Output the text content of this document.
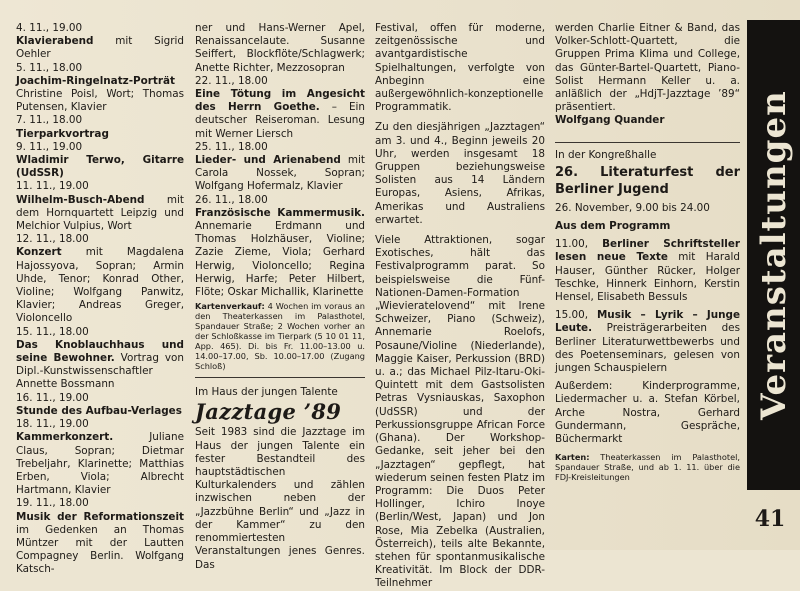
4. 11., 19.00
Klavierabend mit Sigrid Oehler
5. 11., 18.00
Joachim-Ringelnatz-Porträt Christine Poisl, Wort; Thomas Putensen, Klavier
7. 11., 18.00
Tierparkvortrag
9. 11., 19.00
Wladimir Terwo, Gitarre (UdSSR)
11. 11., 19.00
Wilhelm-Busch-Abend mit dem Hornquartett Leipzig und Melchior Vulpius, Wort
12. 11., 18.00
Konzert mit Magdalena Hajossyova, Sopran; Armin Uhde, Tenor; Konrad Other, Violine; Wolfgang Panwitz, Klavier; Andreas Greger, Violoncello
15. 11., 18.00
Das Knoblauchhaus und seine Bewohner. Vortrag von Dipl.-Kunstwissenschaftler Annette Bossmann
16. 11., 19.00
Stunde des Aufbau-Verlages
18. 11., 19.00
Kammerkonzert. Juliane Claus, Sopran; Dietmar Trebeljahr, Klarinette; Matthias Erben, Viola; Albrecht Hartmann, Klavier
19. 11., 18.00
Musik der Reformationszeit im Gedenken an Thomas Müntzer mit der Lautten Compagney Berlin. Wolfgang Katsch-
ner und Hans-Werner Apel, Renaissancelaute. Susanne Seiffert, Blockflöte/Schlagwerk; Anette Richter, Mezzosopran
22. 11., 18.00
Eine Tötung im Angesicht des Herrn Goethe. – Ein deutscher Reiseroman. Lesung mit Werner Liersch
25. 11., 18.00
Lieder- und Arienabend mit Carola Nossek, Sopran; Wolfgang Hofermalz, Klavier
26. 11., 18.00
Französische Kammermusik. Annemarie Erdmann und Thomas Holzhäuser, Violine; Zazie Zieme, Viola; Gerhard Herwig, Violoncello; Regina Herwig, Harfe; Peter Hilbert, Flöte; Oskar Michallik, Klarinette
Kartenverkauf: 4 Wochen im voraus an den Theaterkassen im Palasthotel, Spandauer Straße; 2 Wochen vorher an der Schloßkasse im Tierpark (5 10 01 11, App. 465). Di. bis Fr. 11.00–13.00 u. 14.00–17.00, Sb. 10.00–17.00 (Zugang Schloß)
Im Haus der jungen Talente
Jazztage ’89
Seit 1983 sind die Jazztage im Haus der jungen Talente ein fester Bestandteil des hauptstädtischen Kulturkalenders und zählen inzwischen neben der „Jazzbühne Berlin“ und „Jazz in der Kammer“ zu den renommiertesten Veranstaltungen jenes Genres. Das
Festival, offen für moderne, zeitgenössische und avantgardistische Spielhaltungen, verfolgte von Anbeginn eine außergewöhnlich-konzeptionelle Programmatik.
Zu den diesjährigen „Jazztagen“ am 3. und 4., Beginn jeweils 20 Uhr, werden insgesamt 18 Gruppen beziehungsweise Solisten aus 14 Ländern Europas, Asiens, Afrikas, Amerikas und Australiens erwartet.
Viele Attraktionen, sogar Exotisches, hält das Festivalprogramm parat. So beispielsweise die Fünf-Nationen-Damen-Formation „Wievieratelovend“ mit Irene Schweizer, Piano (Schweiz), Annemarie Roelofs, Posaune/Violine (Niederlande), Maggie Kaiser, Perkussion (BRD) u. a.; das Michael Pilz-Itaru-Oki-Quintett mit dem Gastsolisten Petras Vysniauskas, Saxophon (UdSSR) und der Perkussionsgruppe African Force (Ghana). Der Workshop-Gedanke, seit jeher bei den „Jazztagen“ gepflegt, hat wiederum seinen festen Platz im Programm: Die Duos Peter Hollinger, Ichiro Inoye (Berlin/West, Japan) und Jon Rose, Mia Zebelka (Australien, Österreich), teils alte Bekannte, stehen für spontanmusikalische Kreativität. Im Block der DDR-Teilnehmer
werden Charlie Eitner & Band, das Volker-Schlott-Quartett, die Gruppen Prima Klima und College, das Günter-Bartel-Quartett, Piano-Solist Hermann Keller u. a. anläßlich der „HdjT-Jazztage ’89“ präsentiert.
Wolfgang Quander
In der Kongreßhalle
26. Literaturfest der Berliner Jugend
26. November, 9.00 bis 24.00
Aus dem Programm
11.00, Berliner Schriftsteller lesen neue Texte mit Harald Hauser, Günther Rücker, Holger Teschke, Hinnerk Einhorn, Kerstin Hensel, Elisabeth Bessuls
15.00, Musik – Lyrik – Junge Leute. Preisträgerarbeiten des Berliner Literaturwettbewerbs und des Poetenseminars, gelesen von jungen Schauspielern
Außerdem: Kinderprogramme, Liedermacher u. a. Stefan Körbel, Arche Nostra, Gerhard Gundermann, Gespräche, Büchermarkt
Karten: Theaterkassen im Palasthotel, Spandauer Straße, und ab 1. 11. über die FDJ-Kreisleitungen
Veranstaltungen
41
